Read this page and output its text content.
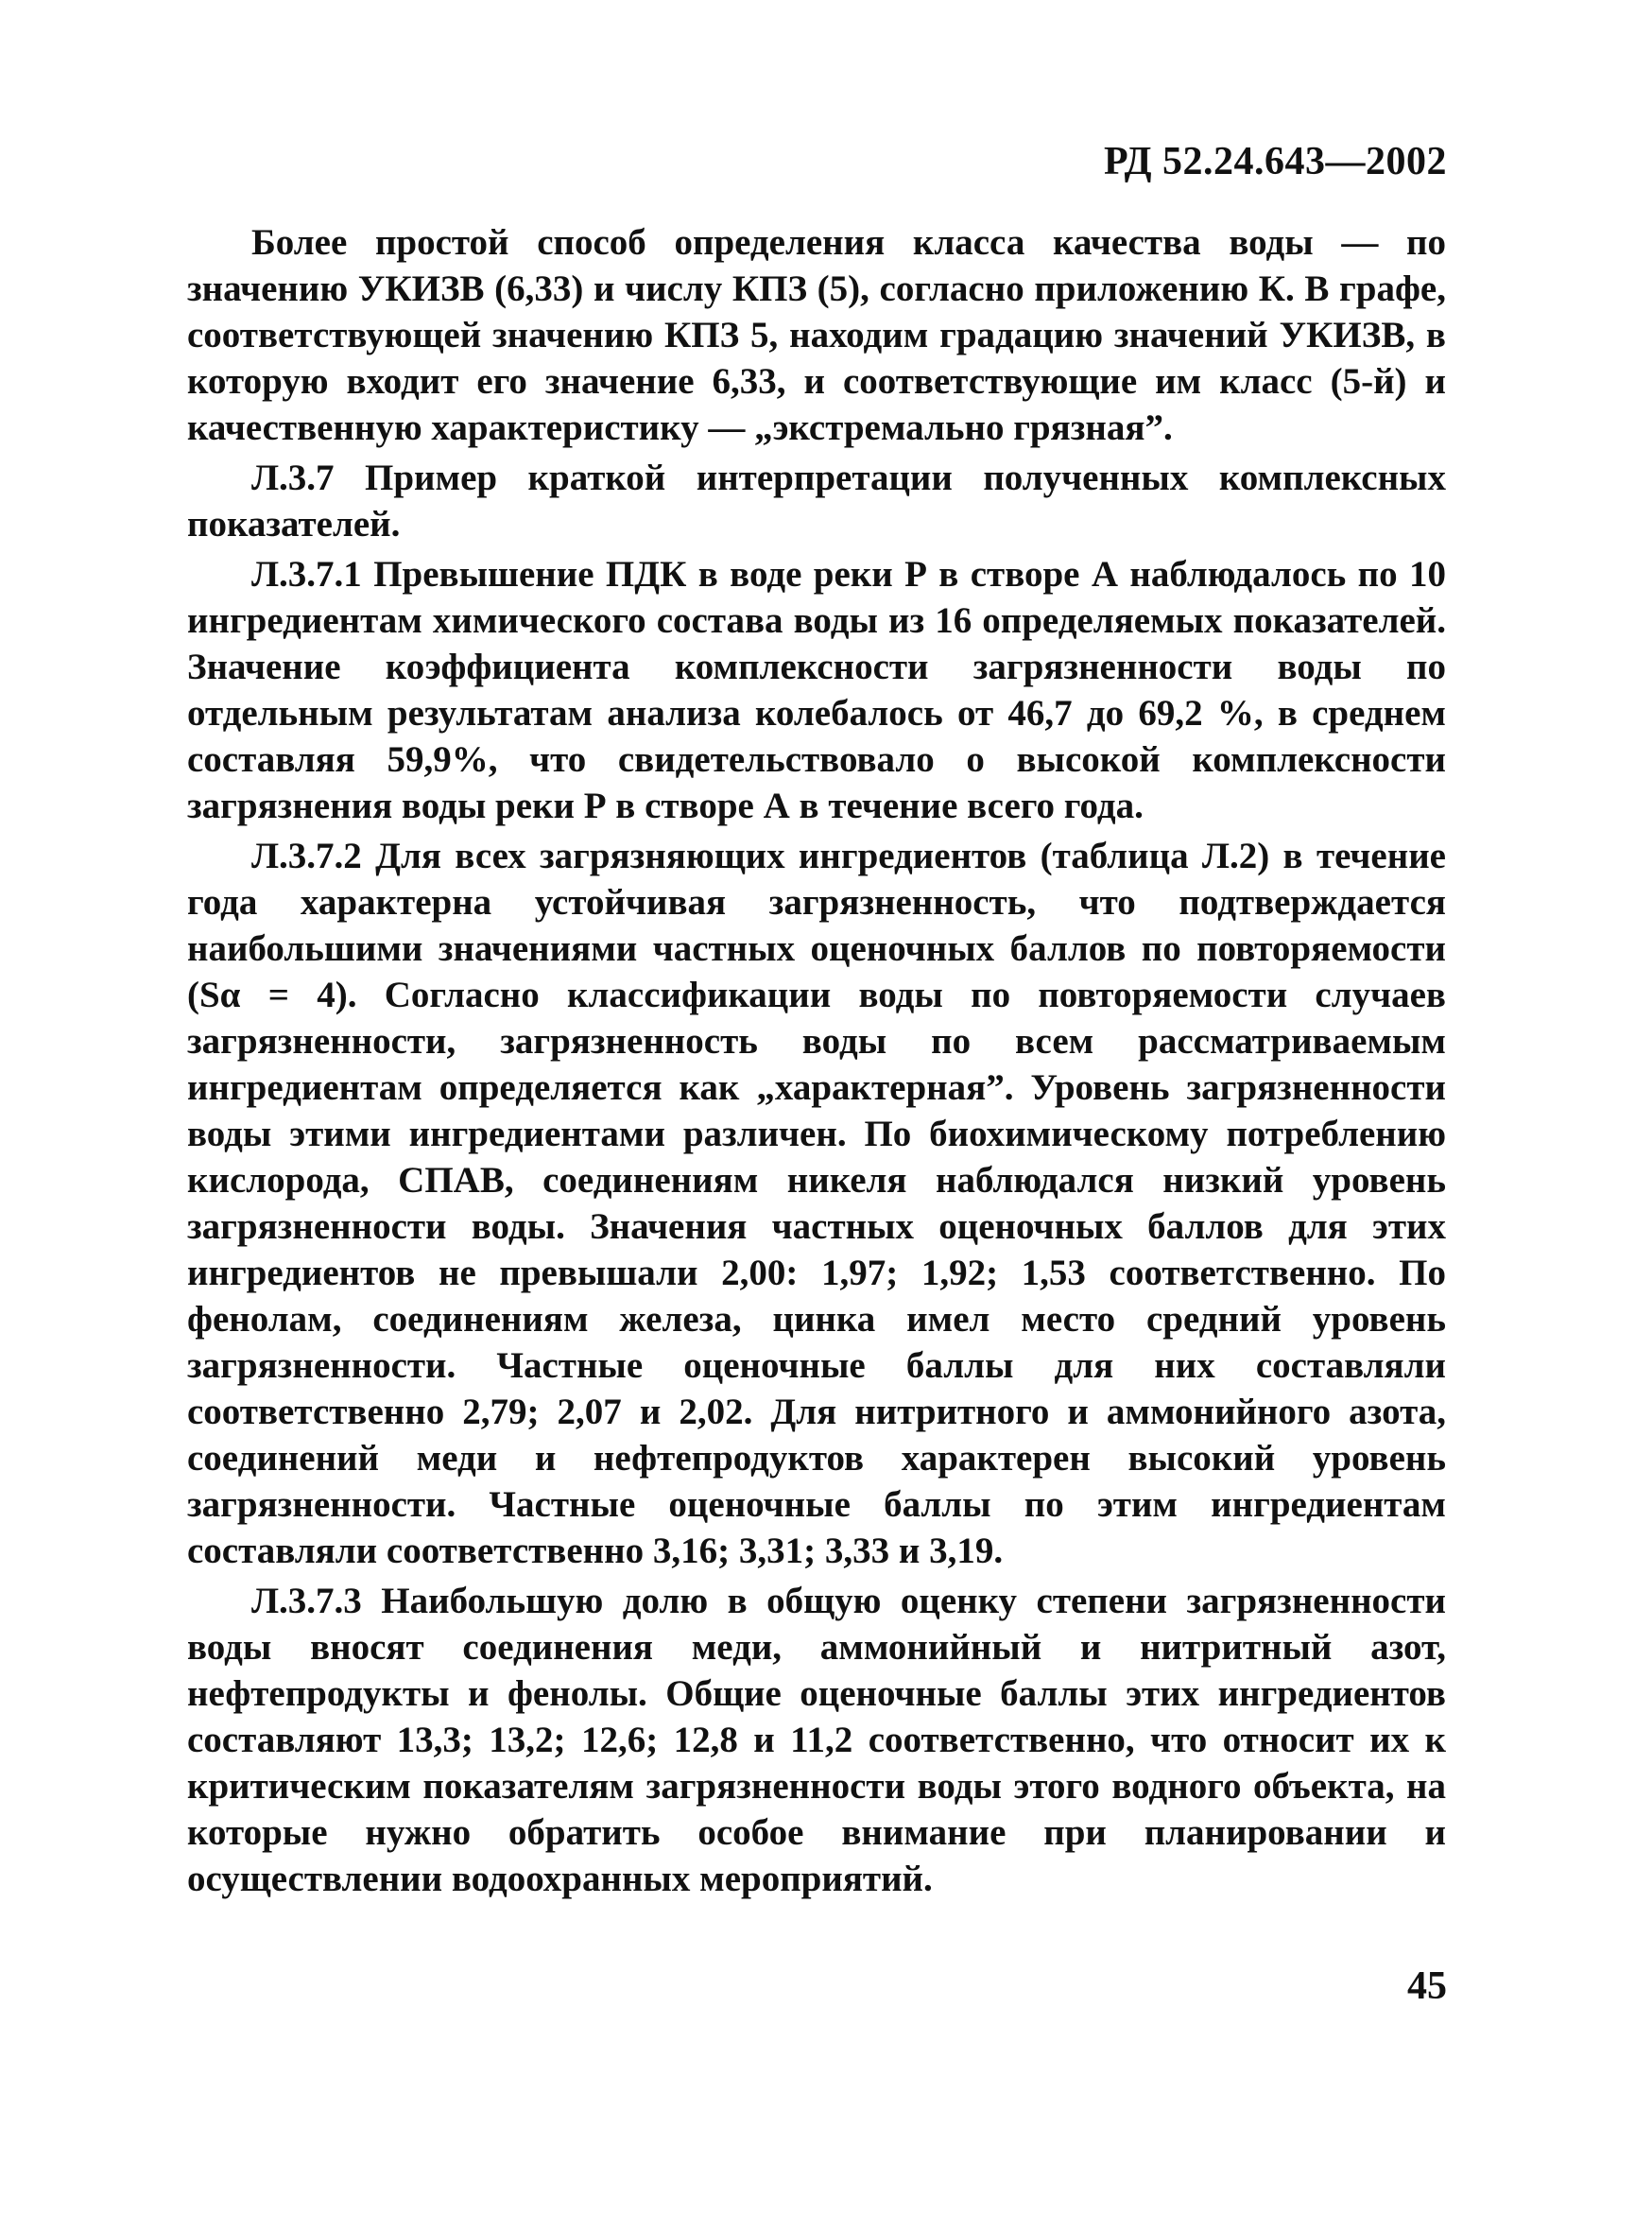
РД 52.24.643—2002

Более простой способ определения класса качества воды — по значению УКИЗВ (6,33) и числу КПЗ (5), согласно приложению К. В графе, соответствующей значению КПЗ 5, находим градацию значений УКИЗВ, в которую входит его значение 6,33, и соответствующие им класс (5-й) и качественную характеристику — „экстремально грязная”.

Л.3.7 Пример краткой интерпретации полученных комплексных показателей.

Л.3.7.1 Превышение ПДК в воде реки Р в створе А наблюдалось по 10 ингредиентам химического состава воды из 16 определяемых показателей. Значение коэффициента комплексности загрязненности воды по отдельным результатам анализа колебалось от 46,7 до 69,2 %, в среднем составляя 59,9%, что свидетельствовало о высокой комплексности загрязнения воды реки Р в створе А в течение всего года.

Л.3.7.2 Для всех загрязняющих ингредиентов (таблица Л.2) в течение года характерна устойчивая загрязненность, что подтверждается наибольшими значениями частных оценочных баллов по повторяемости (Sα = 4). Согласно классификации воды по повторяемости случаев загрязненности, загрязненность воды по всем рассматриваемым ингредиентам определяется как „характерная”. Уровень загрязненности воды этими ингредиентами различен. По биохимическому потреблению кислорода, СПАВ, соединениям никеля наблюдался низкий уровень загрязненности воды. Значения частных оценочных баллов для этих ингредиентов не превышали 2,00: 1,97; 1,92; 1,53 соответственно. По фенолам, соединениям железа, цинка имел место средний уровень загрязненности. Частные оценочные баллы для них составляли соответственно 2,79; 2,07 и 2,02. Для нитритного и аммонийного азота, соединений меди и нефтепродуктов характерен высокий уровень загрязненности. Частные оценочные баллы по этим ингредиентам составляли соответственно 3,16; 3,31; 3,33 и 3,19.

Л.3.7.3 Наибольшую долю в общую оценку степени загрязненности воды вносят соединения меди, аммонийный и нитритный азот, нефтепродукты и фенолы. Общие оценочные баллы этих ингредиентов составляют 13,3; 13,2; 12,6; 12,8 и 11,2 соответственно, что относит их к критическим показателям загрязненности воды этого водного объекта, на которые нужно обратить особое внимание при планировании и осуществлении водоохранных мероприятий.

45
